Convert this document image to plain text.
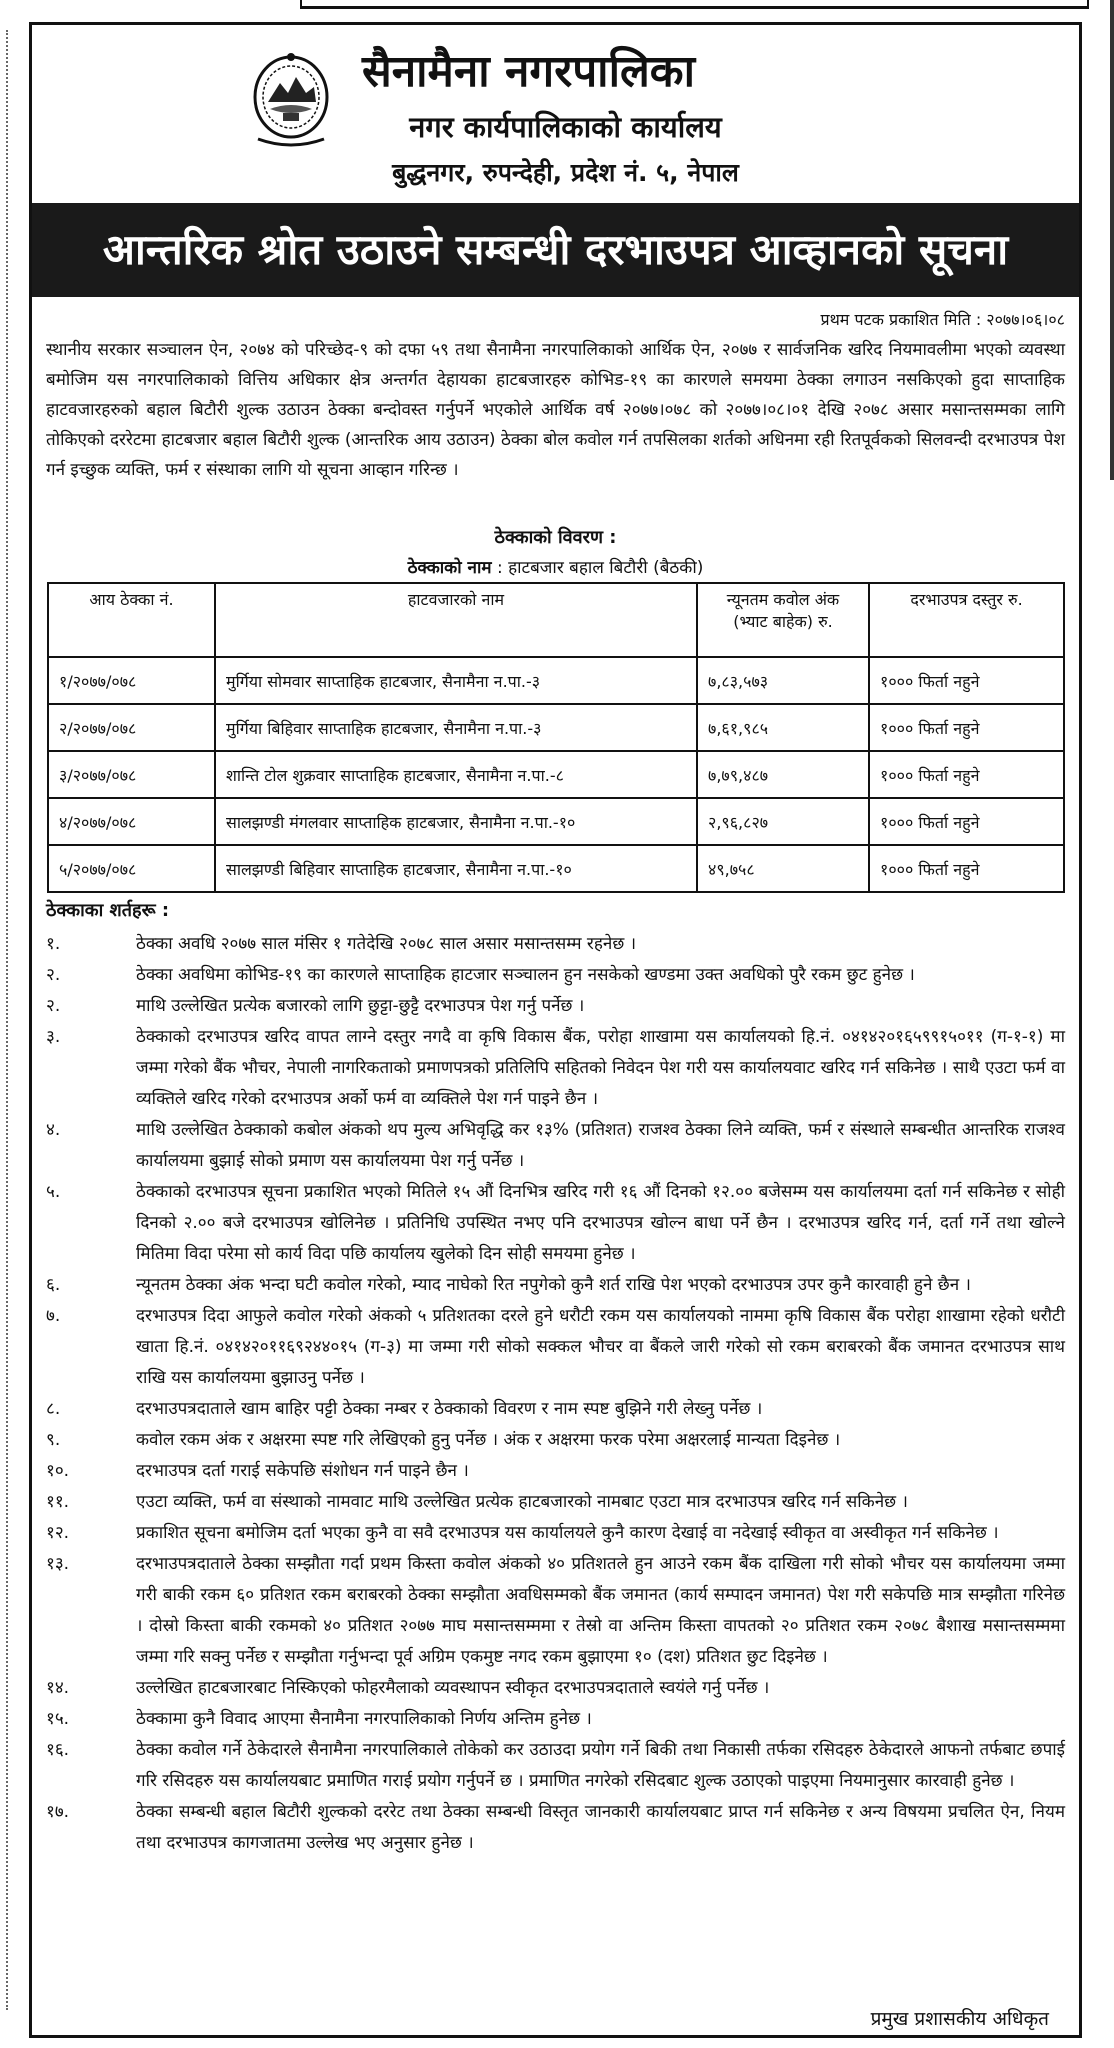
सैनामैना नगरपालिका
नगर कार्यपालिकाको कार्यालय
बुद्धनगर, रुपन्देही, प्रदेश नं. ५, नेपाल
आन्तरिक श्रोत उठाउने सम्बन्धी दरभाउपत्र आव्हानको सूचना
प्रथम पटक प्रकाशित मिति : २०७७।०६।०८
स्थानीय सरकार सञ्चालन ऐन, २०७४ को परिच्छेद-९ को दफा ५९ तथा सैनामैना नगरपालिकाको आर्थिक ऐन, २०७७ र सार्वजनिक खरिद नियमावलीमा भएको व्यवस्था बमोजिम यस नगरपालिकाको वित्तिय अधिकार क्षेत्र अन्तर्गत देहायका हाटबजारहरु कोभिड-१९ का कारणले समयमा ठेक्का लगाउन नसकिएको हुदा साप्ताहिक हाटवजारहरुको बहाल बिटौरी शुल्क उठाउन ठेक्का बन्दोवस्त गर्नुपर्ने भएकोले आर्थिक वर्ष २०७७।०७८ को २०७७।०८।०१ देखि २०७८ असार मसान्तसम्मका लागि तोकिएको दररेटमा हाटबजार बहाल बिटौरी शुल्क (आन्तरिक आय उठाउन) ठेक्का बोल कवोल गर्न तपसिलका शर्तको अधिनमा रही रितपूर्वकको सिलवन्दी दरभाउपत्र पेश गर्न इच्छुक व्यक्ति, फर्म र संस्थाका लागि यो सूचना आव्हान गरिन्छ ।
ठेक्काको विवरण :
ठेक्काको नाम : हाटबजार बहाल बिटौरी (बैठकी)
आय ठेक्का नं.	हाटवजारको नाम	न्यूनतम कवोल अंक (भ्याट बाहेक) रु.	दरभाउपत्र दस्तुर रु.
१/२०७७/०७८	मुर्गिया सोमवार साप्ताहिक हाटबजार, सैनामैना न.पा.-३	७,८३,५७३	१००० फिर्ता नहुने
२/२०७७/०७८	मुर्गिया बिहिवार साप्ताहिक हाटबजार, सैनामैना न.पा.-३	७,६१,९८५	१००० फिर्ता नहुने
३/२०७७/०७८	शान्ति टोल शुक्रवार साप्ताहिक हाटबजार, सैनामैना न.पा.-८	७,७९,४८७	१००० फिर्ता नहुने
४/२०७७/०७८	सालझण्डी मंगलवार साप्ताहिक हाटबजार, सैनामैना न.पा.-१०	२,९६,८२७	१००० फिर्ता नहुने
५/२०७७/०७८	सालझण्डी बिहिवार साप्ताहिक हाटबजार, सैनामैना न.पा.-१०	४९,७५८	१००० फिर्ता नहुने
ठेक्काका शर्तहरू :
१.	ठेक्का अवधि २०७७ साल मंसिर १ गतेदेखि २०७८ साल असार मसान्तसम्म रहनेछ ।
२.	ठेक्का अवधिमा कोभिड-१९ का कारणले साप्ताहिक हाटजार सञ्चालन हुन नसकेको खण्डमा उक्त अवधिको पुरै रकम छुट हुनेछ ।
२.	माथि उल्लेखित प्रत्येक बजारको लागि छुट्टा-छुट्टै दरभाउपत्र पेश गर्नु पर्नेछ ।
३.	ठेक्काको दरभाउपत्र खरिद वापत लाग्ने दस्तुर नगदै वा कृषि विकास बैंक, परोहा शाखामा यस कार्यालयको हि.नं. ०४१४२०१६५९९१५०११ (ग-१-१) मा जम्मा गरेको बैंक भौचर, नेपाली नागरिकताको प्रमाणपत्रको प्रतिलिपि सहितको निवेदन पेश गरी यस कार्यालयवाट खरिद गर्न सकिनेछ । साथै एउटा फर्म वा व्यक्तिले खरिद गरेको दरभाउपत्र अर्को फर्म वा व्यक्तिले पेश गर्न पाइने छैन ।
४.	माथि उल्लेखित ठेक्काको कबोल अंकको थप मुल्य अभिवृद्धि कर १३% (प्रतिशत) राजश्व ठेक्का लिने व्यक्ति, फर्म र संस्थाले सम्बन्धीत आन्तरिक राजश्व कार्यालयमा बुझाई सोको प्रमाण यस कार्यालयमा पेश गर्नु पर्नेछ ।
५.	ठेक्काको दरभाउपत्र सूचना प्रकाशित भएको मितिले १५ औं दिनभित्र खरिद गरी १६ औं दिनको १२.०० बजेसम्म यस कार्यालयमा दर्ता गर्न सकिनेछ र सोही दिनको २.०० बजे दरभाउपत्र खोलिनेछ । प्रतिनिधि उपस्थित नभए पनि दरभाउपत्र खोल्न बाधा पर्ने छैन । दरभाउपत्र खरिद गर्न, दर्ता गर्ने तथा खोल्ने मितिमा विदा परेमा सो कार्य विदा पछि कार्यालय खुलेको दिन सोही समयमा हुनेछ ।
६.	न्यूनतम ठेक्का अंक भन्दा घटी कवोल गरेको, म्याद नाघेको रित नपुगेको कुनै शर्त राखि पेश भएको दरभाउपत्र उपर कुनै कारवाही हुने छैन ।
७.	दरभाउपत्र दिदा आफुले कवोल गरेको अंकको ५ प्रतिशतका दरले हुने धरौटी रकम यस कार्यालयको नाममा कृषि विकास बैंक परोहा शाखामा रहेको धरौटी खाता हि.नं. ०४१४२०११६९२४४०१५ (ग-३) मा जम्मा गरी सोको सक्कल भौचर वा बैंकले जारी गरेको सो रकम बराबरको बैंक जमानत दरभाउपत्र साथ राखि यस कार्यालयमा बुझाउनु पर्नेछ ।
८.	दरभाउपत्रदाताले खाम बाहिर पट्टी ठेक्का नम्बर र ठेक्काको विवरण र नाम स्पष्ट बुझिने गरी लेख्नु पर्नेछ ।
९.	कवोल रकम अंक र अक्षरमा स्पष्ट गरि लेखिएको हुनु पर्नेछ । अंक र अक्षरमा फरक परेमा अक्षरलाई मान्यता दिइनेछ ।
१०.	दरभाउपत्र दर्ता गराई सकेपछि संशोधन गर्न पाइने छैन ।
११.	एउटा व्यक्ति, फर्म वा संस्थाको नामवाट माथि उल्लेखित प्रत्येक हाटबजारको नामबाट एउटा मात्र दरभाउपत्र खरिद गर्न सकिनेछ ।
१२.	प्रकाशित सूचना बमोजिम दर्ता भएका कुनै वा सवै दरभाउपत्र यस कार्यालयले कुनै कारण देखाई वा नदेखाई स्वीकृत वा अस्वीकृत गर्न सकिनेछ ।
१३.	दरभाउपत्रदाताले ठेक्का सम्झौता गर्दा प्रथम किस्ता कवोल अंकको ४० प्रतिशतले हुन आउने रकम बैंक दाखिला गरी सोको भौचर यस कार्यालयमा जम्मा गरी बाकी रकम ६० प्रतिशत रकम बराबरको ठेक्का सम्झौता अवधिसम्मको बैंक जमानत (कार्य सम्पादन जमानत) पेश गरी सकेपछि मात्र सम्झौता गरिनेछ । दोस्रो किस्ता बाकी रकमको ४० प्रतिशत २०७७ माघ मसान्तसम्ममा र तेस्रो वा अन्तिम किस्ता वापतको २० प्रतिशत रकम २०७८ बैशाख मसान्तसम्ममा जम्मा गरि सक्नु पर्नेछ र सम्झौता गर्नुभन्दा पूर्व अग्रिम एकमुष्ट नगद रकम बुझाएमा १० (दश) प्रतिशत छुट दिइनेछ ।
१४.	उल्लेखित हाटबजारबाट निस्किएको फोहरमैलाको व्यवस्थापन स्वीकृत दरभाउपत्रदाताले स्वयंले गर्नु पर्नेछ ।
१५.	ठेक्कामा कुनै विवाद आएमा सैनामैना नगरपालिकाको निर्णय अन्तिम हुनेछ ।
१६.	ठेक्का कवोल गर्ने ठेकेदारले सैनामैना नगरपालिकाले तोकेको कर उठाउदा प्रयोग गर्ने बिकी तथा निकासी तर्फका रसिदहरु ठेकेदारले आफनो तर्फबाट छपाई गरि रसिदहरु यस कार्यालयबाट प्रमाणित गराई प्रयोग गर्नुपर्ने छ । प्रमाणित नगरेको रसिदबाट शुल्क उठाएको पाइएमा नियमानुसार कारवाही हुनेछ ।
१७.	ठेक्का सम्बन्धी बहाल बिटौरी शुल्कको दररेट तथा ठेक्का सम्बन्धी विस्तृत जानकारी कार्यालयबाट प्राप्त गर्न सकिनेछ र अन्य विषयमा प्रचलित ऐन, नियम तथा दरभाउपत्र कागजातमा उल्लेख भए अनुसार हुनेछ ।
प्रमुख प्रशासकीय अधिकृत
